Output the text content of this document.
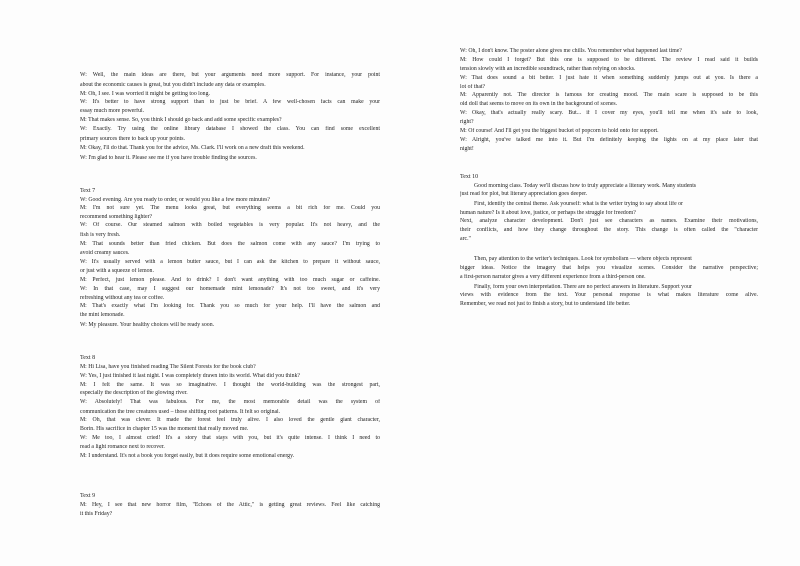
W: Well, the main ideas are there, but your arguments need more support. For instance, your point
about the economic causes is great, but you didn't include any data or examples.
M: Oh, I see. I was worried it might be getting too long.
W: It's better to have strong support than to just be brief. A few well-chosen facts can make your
essay much more powerful.
M: That makes sense. So, you think I should go back and add some specific examples?
W: Exactly. Try using the online library database I showed the class. You can find some excellent
primary sources there to back up your points.
M: Okay, I'll do that. Thank you for the advice, Ms. Clark. I'll work on a new draft this weekend.
W: I'm glad to hear it. Please see me if you have trouble finding the sources.
Text 7
W: Good evening. Are you ready to order, or would you like a few more minutes?
M: I'm not sure yet. The menu looks great, but everything seems a bit rich for me. Could you
recommend something lighter?
W: Of course. Our steamed salmon with boiled vegetables is very popular. It's not heavy, and the
fish is very fresh.
M: That sounds better than fried chicken. But does the salmon come with any sauce? I'm trying to
avoid creamy sauces.
W: It's usually served with a lemon butter sauce, but I can ask the kitchen to prepare it without sauce,
or just with a squeeze of lemon.
M: Perfect, just lemon please. And to drink? I don't want anything with too much sugar or caffeine.
W: In that case, may I suggest our homemade mint lemonade? It's not too sweet, and it's very
refreshing without any tea or coffee.
M: That's exactly what I'm looking for. Thank you so much for your help. I'll have the salmon and
the mint lemonade.
W: My pleasure. Your healthy choices will be ready soon.
Text 8
M: Hi Lisa, have you finished reading The Silent Forests for the book club?
W: Yes, I just finished it last night. I was completely drawn into its world. What did you think?
M: I felt the same. It was so imaginative. I thought the world-building was the strongest part,
especially the description of the glowing river.
W: Absolutely! That was fabulous. For me, the most memorable detail was the system of
communication the tree creatures used – those shifting root patterns. It felt so original.
M: Oh, that was clever. It made the forest feel truly alive. I also loved the gentle giant character,
Borin. His sacrifice in chapter 15 was the moment that really moved me.
W: Me too, I almost cried! It's a story that stays with you, but it's quite intense. I think I need to
read a light romance next to recover.
M: I understand. It's not a book you forget easily, but it does require some emotional energy.
Text 9
M: Hey, I see that new horror film, "Echoes of the Attic," is getting great reviews. Feel like catching
it this Friday?
W: Oh, I don't know. The poster alone gives me chills. You remember what happened last time?
M: How could I forget? But this one is supposed to be different. The review I read said it builds
tension slowly with an incredible soundtrack, rather than relying on shocks.
W: That does sound a bit better. I just hate it when something suddenly jumps out at you. Is there a
lot of that?
M: Apparently not. The director is famous for creating mood. The main scare is supposed to be this
old doll that seems to move on its own in the background of scenes.
W: Okay, that's actually really scary. But... if I cover my eyes, you'll tell me when it's safe to look,
right?
M: Of course! And I'll get you the biggest bucket of popcorn to hold onto for support.
W: Alright, you've talked me into it. But I'm definitely keeping the lights on at my place later that
night!
Text 10
Good morning class. Today we'll discuss how to truly appreciate a literary work. Many students
just read for plot, but literary appreciation goes deeper.
First, identify the central theme. Ask yourself: what is the writer trying to say about life or
human nature? Is it about love, justice, or perhaps the struggle for freedom?
Next, analyze character development. Don't just see characters as names. Examine their motivations,
their conflicts, and how they change throughout the story. This change is often called the "character
arc."
Then, pay attention to the writer's techniques. Look for symbolism — where objects represent
bigger ideas. Notice the imagery that helps you visualize scenes. Consider the narrative perspective;
a first-person narrator gives a very different experience from a third-person one.
Finally, form your own interpretation. There are no perfect answers in literature. Support your
views with evidence from the text. Your personal response is what makes literature come alive.
Remember, we read not just to finish a story, but to understand life better.
